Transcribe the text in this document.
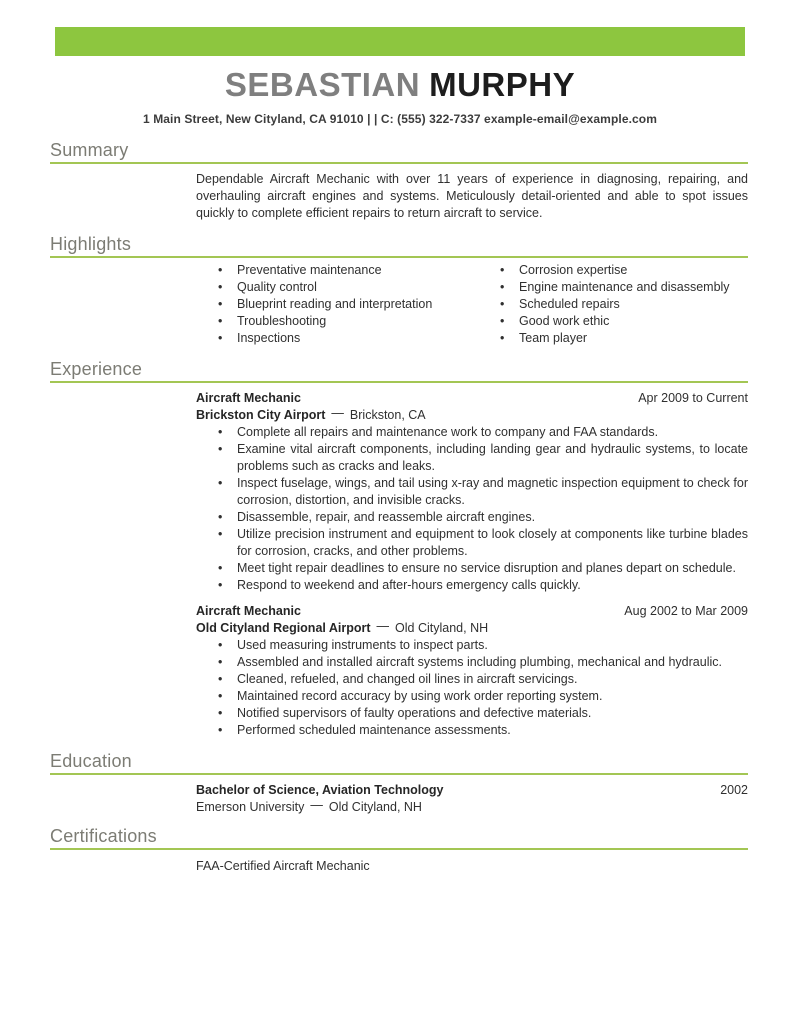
SEBASTIAN MURPHY
1 Main Street, New Cityland, CA 91010 | | C: (555) 322-7337 example-email@example.com
Summary

Dependable Aircraft Mechanic with over 11 years of experience in diagnosing, repairing, and overhauling aircraft engines and systems. Meticulously detail-oriented and able to spot issues quickly to complete efficient repairs to return aircraft to service.

Highlights
• Preventative maintenance
• Quality control
• Blueprint reading and interpretation
• Troubleshooting
• Inspections
• Corrosion expertise
• Engine maintenance and disassembly
• Scheduled repairs
• Good work ethic
• Team player
Experience
Aircraft Mechanic	Apr 2009 to Current
Brickston City Airport — Brickston, CA
• Complete all repairs and maintenance work to company and FAA standards.
• Examine vital aircraft components, including landing gear and hydraulic systems, to locate problems such as cracks and leaks.
• Inspect fuselage, wings, and tail using x-ray and magnetic inspection equipment to check for corrosion, distortion, and invisible cracks.
• Disassemble, repair, and reassemble aircraft engines.
• Utilize precision instrument and equipment to look closely at components like turbine blades for corrosion, cracks, and other problems.
• Meet tight repair deadlines to ensure no service disruption and planes depart on schedule.
• Respond to weekend and after-hours emergency calls quickly.
Aircraft Mechanic	Aug 2002 to Mar 2009
Old Cityland Regional Airport — Old Cityland, NH
• Used measuring instruments to inspect parts.
• Assembled and installed aircraft systems including plumbing, mechanical and hydraulic.
• Cleaned, refueled, and changed oil lines in aircraft servicings.
• Maintained record accuracy by using work order reporting system.
• Notified supervisors of faulty operations and defective materials.
• Performed scheduled maintenance assessments.
Education
Bachelor of Science, Aviation Technology	2002
Emerson University — Old Cityland, NH
Certifications
FAA-Certified Aircraft Mechanic
